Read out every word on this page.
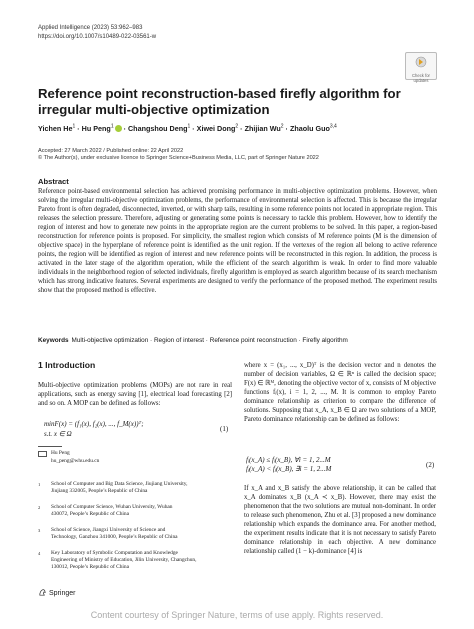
Applied Intelligence (2023) 53:962–983
https://doi.org/10.1007/s10489-022-03561-w
Check for updates
Reference point reconstruction-based firefly algorithm for irregular multi-objective optimization
Yichen $He^1 \cdot Hu$ Peng$^1$ · Changshou Deng$^1$ · Xiwei Dong$^2$ · Zhijian $Wu^2$ · Zhaolu Guo$^{3,4}$
Accepted: 27 March 2022 / Published online: 22 April 2022
© The Author(s), under exclusive licence to Springer Science+Business Media, LLC, part of Springer Nature 2022
Abstract
Reference point-based environmental selection has achieved promising performance in multi-objective optimization problems. However, when solving the irregular multi-objective optimization problems, the performance of environmental selection is affected. This is because the irregular Pareto front is often degraded, disconnected, inverted, or with sharp tails, resulting in some reference points not located in appropriate region. This releases the selection pressure. Therefore, adjusting or generating some points is necessary to tackle this problem. However, how to identify the region of interest and how to generate new points in the appropriate region are the current problems to be solved. In this paper, a region-based reconstruction for reference points is proposed. For simplicity, the smallest region which consists of M reference points (M is the dimension of objective space) in the hyperplane of reference point is identified as the unit region. If the vertexes of the region all belong to active reference points, the region will be identified as region of interest and new reference points will be reconstructed in this region. In addition, the process is activated in the later stage of the algorithm operation, while the efficient of the search algorithm is weak. In order to find more valuable individuals in the neighborhood region of selected individuals, firefly algorithm is employed as search algorithm because of its search mechanism which has strong indicative features. Several experiments are designed to verify the performance of the proposed method. The experiment results show that the proposed method is effective.
Keywords Multi-objective optimization · Region of interest · Reference point reconstruction · Firefly algorithm
1 Introduction
Multi-objective optimization problems (MOPs) are not rare in real applications, such as energy saving [1], electrical load forecasting [2] and so on. A MOP can be defined as follows:
minF(x) = (f₁(x), f₂(x), ..., f_M(x))ᵀ;
s.t. x ∈ Ω
(1)
Hu Peng
hu_peng@whu.edu.cn
$^1$ School of Computer and Big Data Science, Jiujiang University, Jiujiang 332005, People’s Republic of China
$^2$ School of Computer Science, Wuhan University, Wuhan 430072, People’s Republic of China
$^3$ School of Science, Jiangxi University of Science and Technology, Ganzhou 341000, People’s Republic of China
$^4$ Key Laboratory of Symbolic Computation and Knowledge Engineering of Ministry of Education, Jilin University, Changchun, 130012, People’s Republic of China
where x = (x₁, ..., x_D)ᵀ is the decision vector and n denotes the number of decision variables, Ω ∈ ℝⁿ is called the decision space; F(x) ∈ ℝᴹ, denoting the objective vector of x, consists of M objective functions fᵢ(x), i = 1, 2, ..., M. It is common to employ Pareto dominance relationship as criterion to compare the difference of solutions. Supposing that x_A, x_B ∈ Ω are two solutions of a MOP, Pareto dominance relationship can be defined as follows:
fᵢ(x_A) ≤ fᵢ(x_B), ∀i = 1, 2...M
fⱼ(x_A) < fⱼ(x_B), ∃i = 1, 2...M	(2)
If x_A and x_B satisfy the above relationship, it can be called that x_A dominates x_B (x_A ≺ x_B). However, there may exist the phenomenon that the two solutions are mutual non-dominant. In order to release such phenomenon, Zhu et al. [3] proposed a new dominance relationship which expands the dominance area. For another method, the experiment results indicate that it is not necessary to satisfy Pareto dominance relationship in each objective. A new dominance relationship called (1 − k)-dominance [4] is
Springer
Content courtesy of Springer Nature, terms of use apply. Rights reserved.
